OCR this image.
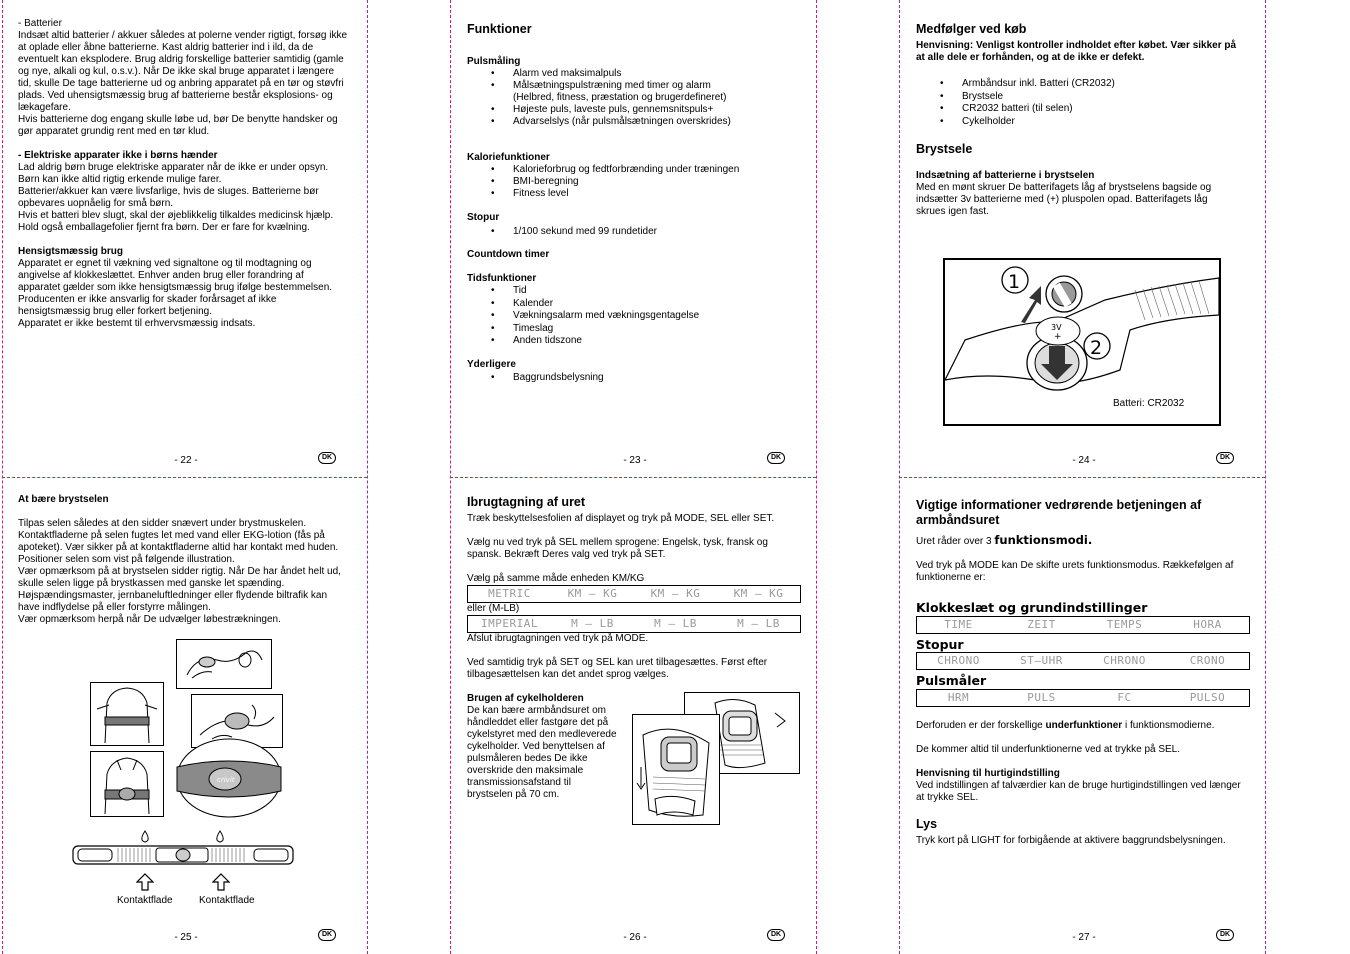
- Batterier

Indsæt altid batterier / akkuer således at polerne vender rigtigt, forsøg ikke at oplade eller åbne batterierne. Kast aldrig batterier ind i ild, da de eventuelt kan eksplodere. Brug aldrig forskellige batterier samtidig (gamle og nye, alkali og kul, o.s.v.). Når De ikke skal bruge apparatet i længere tid, skulle De tage batterierne ud og anbring apparatet på en tør og støvfri plads. Ved uhensigtsmæssig brug af batterierne består eksplosions- og lækagefare.

Hvis batterierne dog engang skulle løbe ud, bør De benytte handsker og gør apparatet grundig rent med en tør klud.

- Elektriske apparater ikke i børns hænder

Lad aldrig børn bruge elektriske apparater når de ikke er under opsyn. Børn kan ikke altid rigtig erkende mulige farer.

Batterier/akkuer kan være livsfarlige, hvis de sluges. Batterierne bør opbevares uopnåelig for små børn.

Hvis et batteri blev slugt, skal der øjeblikkelig tilkaldes medicinsk hjælp. Hold også emballagefolier fjernt fra børn. Der er fare for kvælning.

Hensigtsmæssig brug

Apparatet er egnet til vækning ved signaltone og til modtagning og angivelse af klokkeslættet. Enhver anden brug eller forandring af apparatet gælder som ikke hensigtsmæssig brug ifølge bestemmelsen.

Producenten er ikke ansvarlig for skader forårsaget af ikke hensigtsmæssig brug eller forkert betjening.

Apparatet er ikke bestemt til erhvervsmæssig indsats.

- 22 -	DK
Funktioner

Pulsmåling

• Alarm ved maksimalpuls
• Målsætningspulstræning med timer og alarm
(Helbred, fitness, præstation og brugerdefineret)
• Højeste puls, laveste puls, gennemsnitspuls+
• Advarselslys (når pulsmålsætningen overskrides)

Kaloriefunktioner

• Kalorieforbrug og fedtforbrænding under træningen
• BMI-beregning
• Fitness level

Stopur

• 1/100 sekund med 99 rundetider

Countdown timer

Tidsfunktioner

• Tid
• Kalender
• Vækningsalarm med vækningsgentagelse
• Timeslag
• Anden tidszone

Yderligere

• Baggrundsbelysning
- 23 -	DK
Medfølger ved køb

Henvisning: Venligst kontroller indholdet efter købet. Vær sikker på at alle dele er forhånden, og at de ikke er defekt.

• Armbåndsur inkl. Batteri (CR2032)
• Brystsele
• CR2032 batteri (til selen)
• Cykelholder

Brystsele

Indsætning af batterierne i brystselen

Med en mønt skruer De batterifagets låg af brystselens bagside og indsætter 3v batterierne med (+) pluspolen opad. Batterifagets låg skrues igen fast.

3V
+
1
2
Batteri: CR2032
- 24 -	DK

At bære brystselen

Tilpas selen således at den sidder snævert under brystmuskelen. Kontaktfladerne på selen fugtes let med vand eller EKG-lotion (fås på apoteket). Vær sikker på at kontaktfladerne altid har kontakt med huden. Positioner selen som vist på følgende illustration.

Vær opmærksom på at brystselen sidder rigtig. Når De har åndet helt ud, skulle selen ligge på brystkassen med ganske let spænding.

Højspændingsmaster, jernbaneluftledninger eller flydende biltrafik kan have indflydelse på eller forstyrre målingen.

Vær opmærksom herpå når De udvælger løbestrækningen.

crivit
Kontaktflade	Kontaktflade
- 25 -	DK
Ibrugtagning af uret

Træk beskyttelsesfolien af displayet og tryk på MODE, SEL eller SET.

Vælg nu ved tryk på SEL mellem sprogene: Engelsk, tysk, fransk og spansk. Bekræft Deres valg ved tryk på SET.

Vælg på samme måde enheden KM/KG

METRIC	KM – KG	KM – KG	KM – KG
eller (M-LB)
IMPERIAL	M – LB	M – LB	M – LB

Afslut ibrugtagningen ved tryk på MODE.

Ved samtidig tryk på SET og SEL kan uret tilbagesættes. Først efter tilbagesættelsen kan det andet sprog vælges.

Brugen af cykelholderen

De kan bære armbåndsuret om håndleddet eller fastgøre det på cykelstyret med den medleverede cykelholder. Ved benyttelsen af pulsmåleren bedes De ikke overskride den maksimale transmissionsafstand til brystselen på 70 cm.

- 26 -	DK
Vigtige informationer vedrørende betjeningen af armbåndsuret

Uret råder over 3 funktionsmodi.

Ved tryk på MODE kan De skifte urets funktionsmodus. Rækkefølgen af funktionerne er:

Klokkeslæt og grundindstillinger
TIME	ZEIT	TEMPS	HORA
Stopur
CHRONO	ST–UHR	CHRONO	CRONO
Pulsmåler
HRM	PULS	FC	PULSO

Derforuden er der forskellige underfunktioner i funktionsmodierne.

De kommer altid til underfunktionerne ved at trykke på SEL.

Henvisning til hurtigindstilling

Ved indstillingen af talværdier kan de bruge hurtigindstillingen ved længer at trykke SEL.

Lys

Tryk kort på LIGHT for forbigående at aktivere baggrundsbelysningen.

- 27 -	DK
